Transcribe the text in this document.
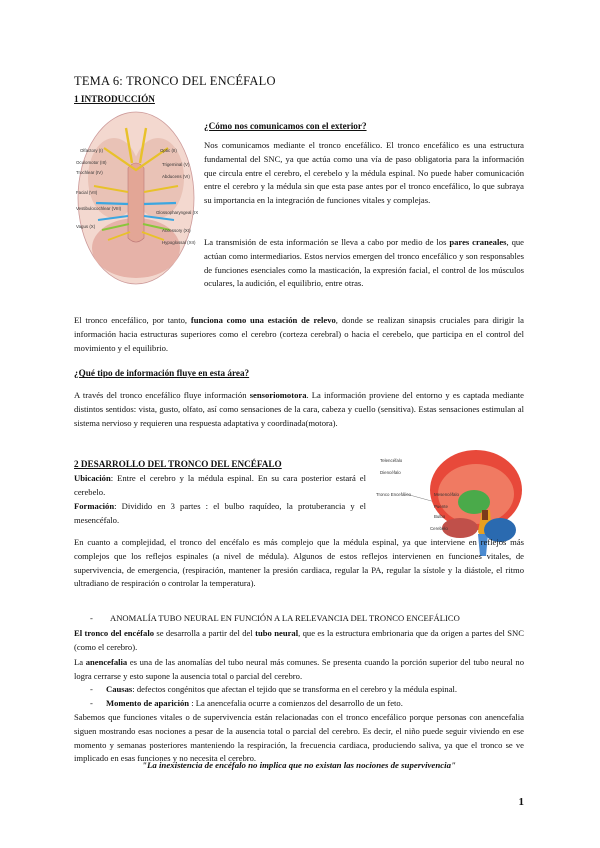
TEMA 6: TRONCO DEL ENCÉFALO
1 INTRODUCCIÓN
Olfactory (I)
Oculomotor (III)
Trochlear (IV)
Facial (VII)
Vestibulocochlear (VIII)
Vagus (X)
Optic (II)
Trigeminal (V)
Abducens (VI)
Glossopharyngeal (IX)
Accessory (XI)
Hypoglossal (XII)
¿Cómo nos comunicamos con el exterior?

Nos comunicamos mediante el tronco encefálico. El tronco encefálico es una estructura fundamental del SNC, ya que actúa como una vía de paso obligatoria para la información que circula entre el cerebro, el cerebelo y la médula espinal. No puede haber comunicación entre el cerebro y la médula sin que esta pase antes por el tronco encefálico, lo que subraya su importancia en la integración de funciones vitales y complejas.

La transmisión de esta información se lleva a cabo por medio de los pares craneales, que actúan como intermediarios. Estos nervios emergen del tronco encefálico y son responsables de funciones esenciales como la masticación, la expresión facial, el control de los músculos oculares, la audición, el equilibrio, entre otras.

El tronco encefálico, por tanto, funciona como una estación de relevo, donde se realizan sinapsis cruciales para dirigir la información hacia estructuras superiores como el cerebro (corteza cerebral) o hacia el cerebelo, que participa en el control del movimiento y el equilibrio.

¿Qué tipo de información fluye en esta área?

A través del tronco encefálico fluye información sensoriomotora. La información proviene del entorno y es captada mediante distintos sentidos: vista, gusto, olfato, así como sensaciones de la cara, cabeza y cuello (sensitiva). Estas sensaciones estimulan al sistema nervioso y requieren una respuesta adaptativa y coordinada(motora).

2 DESARROLLO DEL TRONCO DEL ENCÉFALO

Ubicación: Entre el cerebro y la médula espinal. En su cara posterior estará el cerebelo.

Formación: Dividido en 3 partes : el bulbo raquídeo, la protuberancia y el mesencéfalo.

Tronco Encefálico
Telencéfalo
Diencéfalo
Mesencéfalo
Puente
Bulbo
Cerebelo

En cuanto a complejidad, el tronco del encéfalo es más complejo que la médula espinal, ya que interviene en reflejos más complejos que los reflejos espinales (a nivel de médula). Algunos de estos reflejos intervienen en funciones vitales, de supervivencia, de emergencia, (respiración, mantener la presión cardiaca, regular la PA, regular la sístole y la diástole, el ritmo ultradiano de respiración o controlar la temperatura).

- ANOMALÍA TUBO NEURAL EN FUNCIÓN A LA RELEVANCIA DEL TRONCO ENCEFÁLICO

El tronco del encéfalo se desarrolla a partir del del tubo neural, que es la estructura embrionaria que da origen a partes del SNC (como el cerebro).

La anencefalia es una de las anomalías del tubo neural más comunes. Se presenta cuando la porción superior del tubo neural no logra cerrarse y esto supone la ausencia total o parcial del cerebro.

- Causas: defectos congénitos que afectan el tejido que se transforma en el cerebro y la médula espinal.
- Momento de aparición : La anencefalia ocurre a comienzos del desarrollo de un feto.

Sabemos que funciones vitales o de supervivencia están relacionadas con el tronco encefálico porque personas con anencefalia siguen mostrando esas nociones a pesar de la ausencia total o parcial del cerebro. Es decir, el niño puede seguir viviendo en ese momento y semanas posteriores manteniendo la respiración, la frecuencia cardiaca, produciendo saliva, ya que el tronco se ve implicado en esas funciones y no necesita el cerebro.

"La inexistencia de encéfalo no implica que no existan las nociones de supervivencia"
1
